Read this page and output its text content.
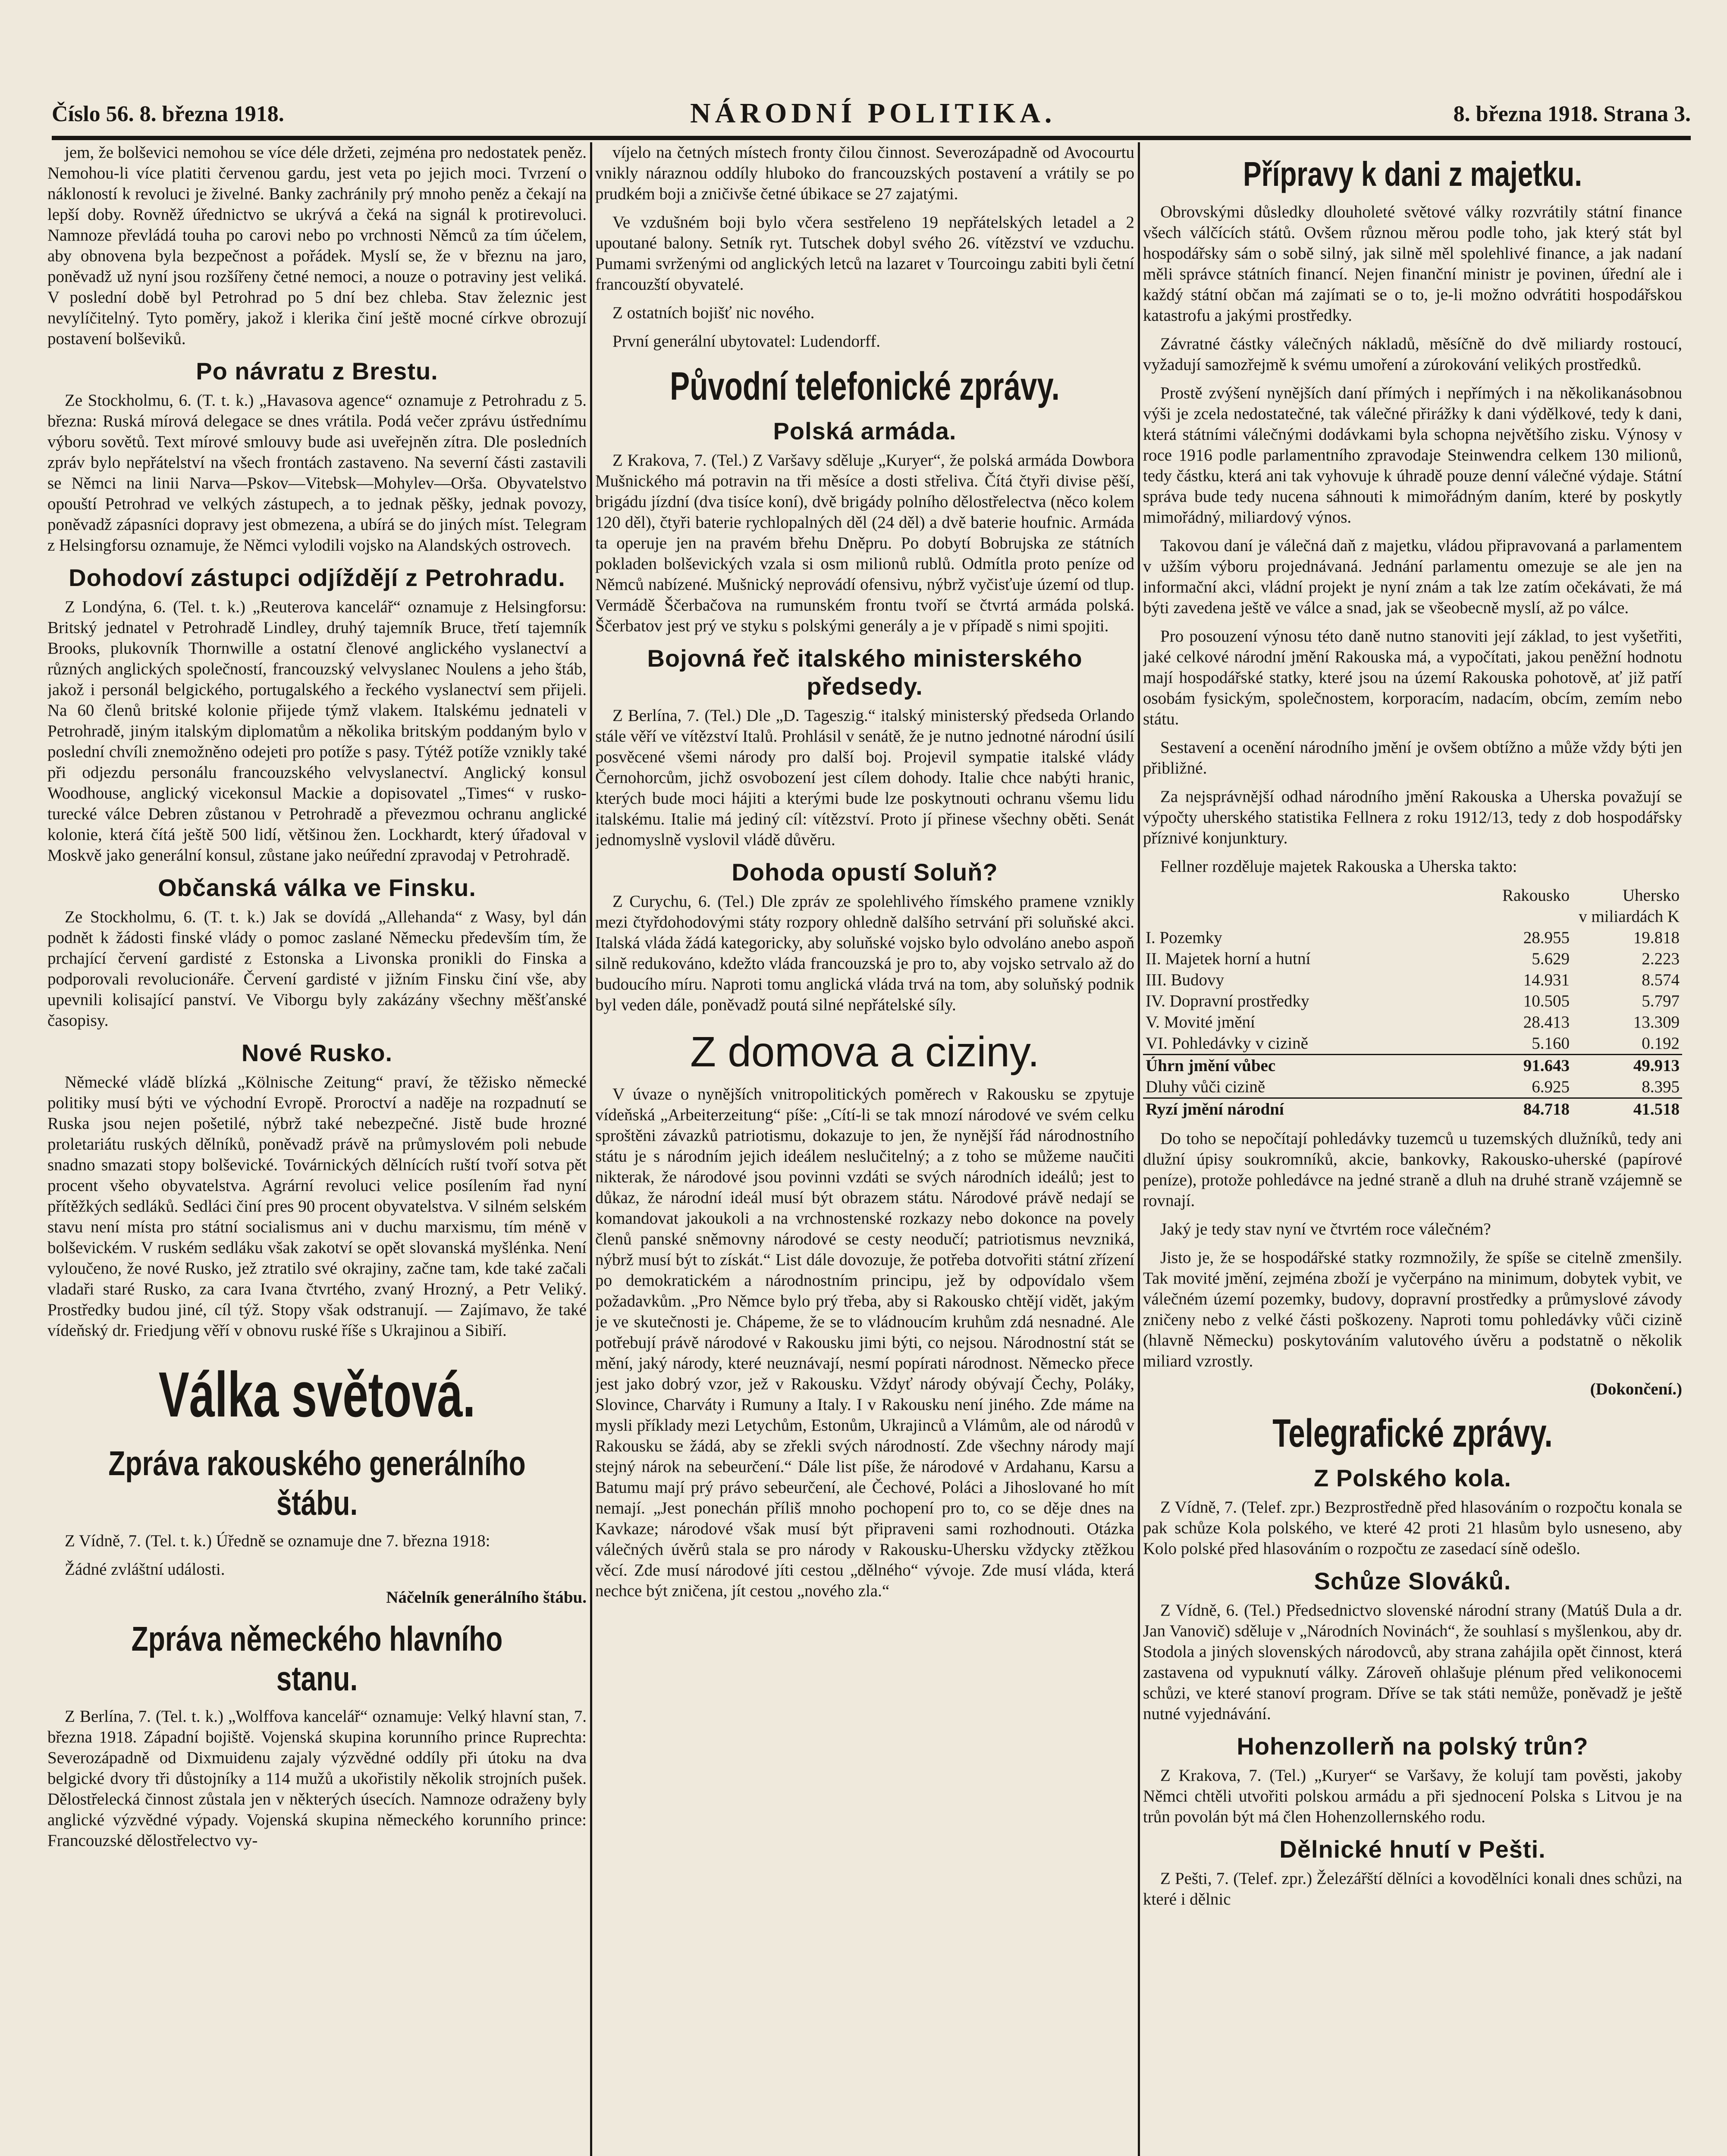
Číslo 56. 8. března 1918.	NÁRODNÍ POLITIKA.	8. března 1918. Strana 3.

jem, že bolševici nemohou se více déle držeti, zejména pro nedostatek peněz. Nemohou-li více platiti červenou gardu, jest veta po jejich moci. Tvrzení o nákloností k revoluci je živelné. Banky zachránily prý mnoho peněz a čekají na lepší doby. Rovněž úřednictvo se ukrývá a čeká na signál k protirevoluci. Namnoze převládá touha po carovi nebo po vrchnosti Němců za tím účelem, aby obnovena byla bezpečnost a pořádek. Myslí se, že v březnu na jaro, poněvadž už nyní jsou rozšířeny četné nemoci, a nouze o potraviny jest veliká. V poslední době byl Petrohrad po 5 dní bez chleba. Stav železnic jest nevylíčitelný. Tyto poměry, jakož i klerika činí ještě mocné církve obrozují postavení bolševiků.

Po návratu z Brestu.

Ze Stockholmu, 6. (T. t. k.) „Havasova agence“ oznamuje z Petrohradu z 5. března: Ruská mírová delegace se dnes vrátila. Podá večer zprávu ústřednímu výboru sovětů. Text mírové smlouvy bude asi uveřejněn zítra. Dle posledních zpráv bylo nepřátelství na všech frontách zastaveno. Na severní části zastavili se Němci na linii Narva—Pskov—Vitebsk—Mohylev—Orša. Obyvatelstvo opouští Petrohrad ve velkých zástupech, a to jednak pěšky, jednak povozy, poněvadž zápasníci dopravy jest obmezena, a ubírá se do jiných míst. Telegram z Helsingforsu oznamuje, že Němci vylodili vojsko na Alandských ostrovech.

Dohodoví zástupci odjíždějí z Petrohradu.

Z Londýna, 6. (Tel. t. k.) „Reuterova kancelář“ oznamuje z Helsingforsu: Britský jednatel v Petrohradě Lindley, druhý tajemník Bruce, třetí tajemník Brooks, plukovník Thornwille a ostatní členové anglického vyslanectví a různých anglických společností, francouzský velvyslanec Noulens a jeho štáb, jakož i personál belgického, portugalského a řeckého vyslanectví sem přijeli. Na 60 členů britské kolonie přijede týmž vlakem. Italskému jednateli v Petrohradě, jiným italským diplomatům a několika britským poddaným bylo v poslední chvíli znemožněno odejeti pro potíže s pasy. Týtéž potíže vznikly také při odjezdu personálu francouzského velvyslanectví. Anglický konsul Woodhouse, anglický vicekonsul Mackie a dopisovatel „Times“ v rusko-turecké válce Debren zůstanou v Petrohradě a převezmou ochranu anglické kolonie, která čítá ještě 500 lidí, většinou žen. Lockhardt, který úřadoval v Moskvě jako generální konsul, zůstane jako neúřední zpravodaj v Petrohradě.

Občanská válka ve Finsku.

Ze Stockholmu, 6. (T. t. k.) Jak se dovídá „Allehanda“ z Wasy, byl dán podnět k žádosti finské vlády o pomoc zaslané Německu především tím, že prchající červení gardisté z Estonska a Livonska pronikli do Finska a podporovali revolucionáře. Červení gardisté v jižním Finsku činí vše, aby upevnili kolisající panství. Ve Viborgu byly zakázány všechny měšťanské časopisy.

Nové Rusko.

Německé vládě blízká „Kölnische Zeitung“ praví, že těžisko německé politiky musí býti ve východní Evropě. Proroctví a naděje na rozpadnutí se Ruska jsou nejen pošetilé, nýbrž také nebezpečné. Jistě bude hrozné proletariátu ruských dělníků, poněvadž právě na průmyslovém poli nebude snadno smazati stopy bolševické. Továrnických dělnících ruští tvoří sotva pět procent všeho obyvatelstva. Agrární revoluci velice posílením řad nyní přítěžkých sedláků. Sedláci činí pres 90 procent obyvatelstva. V silném selském stavu není místa pro státní socialismus ani v duchu marxismu, tím méně v bolševickém. V ruském sedláku však zakotví se opět slovanská myšlénka. Není vyloučeno, že nové Rusko, jež ztratilo své okrajiny, začne tam, kde také začali vladaři staré Rusko, za cara Ivana čtvrtého, zvaný Hrozný, a Petr Veliký. Prostředky budou jiné, cíl týž. Stopy však odstranují. — Zajímavo, že také vídeňský dr. Friedjung věří v obnovu ruské říše s Ukrajinou a Sibiří.

Válka světová.
Zpráva rakouského generálního štábu.

Z Vídně, 7. (Tel. t. k.) Úředně se oznamuje dne 7. března 1918:

Žádné zvláštní události.

Náčelník generálního štábu.
Zpráva německého hlavního stanu.

Z Berlína, 7. (Tel. t. k.) „Wolffova kancelář“ oznamuje: Velký hlavní stan, 7. března 1918. Západní bojiště. Vojenská skupina korunního prince Ruprechta: Severozápadně od Dixmuidenu zajaly výzvědné oddíly při útoku na dva belgické dvory tři důstojníky a 114 mužů a ukořistily několik strojních pušek. Dělostřelecká činnost zůstala jen v některých úsecích. Namnoze odraženy byly anglické výzvědné výpady. Vojenská skupina německého korunního prince: Francouzské dělostřelectvo vy-

víjelo na četných místech fronty čilou činnost. Severozápadně od Avocourtu vnikly náraznou oddíly hluboko do francouzských postavení a vrátily se po prudkém boji a zničivše četné úbikace se 27 zajatými.

Ve vzdušném boji bylo včera sestřeleno 19 nepřátelských letadel a 2 upoutané balony. Setník ryt. Tutschek dobyl svého 26. vítězství ve vzduchu. Pumami svrženými od anglických letců na lazaret v Tourcoingu zabiti byli četní francouzští obyvatelé.

Z ostatních bojišť nic nového.

První generální ubytovatel: Ludendorff.

Původní telefonické zprávy.
Polská armáda.

Z Krakova, 7. (Tel.) Z Varšavy sděluje „Kuryer“, že polská armáda Dowbora Mušnického má potravin na tři měsíce a dosti střeliva. Čítá čtyři divise pěší, brigádu jízdní (dva tisíce koní), dvě brigády polního dělostřelectva (něco kolem 120 děl), čtyři baterie rychlopalných děl (24 děl) a dvě baterie houfnic. Armáda ta operuje jen na pravém břehu Dněpru. Po dobytí Bobrujska ze státních pokladen bolševických vzala si osm milionů rublů. Odmítla proto peníze od Němců nabízené. Mušnický neprovádí ofensivu, nýbrž vyčisťuje území od tlup. Vermádě Ščerbačova na rumunském frontu tvoří se čtvrtá armáda polská. Ščerbatov jest prý ve styku s polskými generály a je v případě s nimi spojiti.

Bojovná řeč italského ministerského předsedy.

Z Berlína, 7. (Tel.) Dle „D. Tageszig.“ italský ministerský předseda Orlando stále věří ve vítězství Italů. Prohlásil v senátě, že je nutno jednotné národní úsilí posvěcené všemi národy pro další boj. Projevil sympatie italské vlády Černohorcům, jichž osvobození jest cílem dohody. Italie chce nabýti hranic, kterých bude moci hájiti a kterými bude lze poskytnouti ochranu všemu lidu italskému. Italie má jediný cíl: vítězství. Proto jí přinese všechny oběti. Senát jednomyslně vyslovil vládě důvěru.

Dohoda opustí Soluň?

Z Curychu, 6. (Tel.) Dle zpráv ze spolehlivého římského pramene vznikly mezi čtyřdohodovými státy rozpory ohledně dalšího setrvání při soluňské akci. Italská vláda žádá kategoricky, aby soluňské vojsko bylo odvoláno anebo aspoň silně redukováno, kdežto vláda francouzská je pro to, aby vojsko setrvalo až do budoucího míru. Naproti tomu anglická vláda trvá na tom, aby soluňský podnik byl veden dále, poněvadž poutá silné nepřátelské síly.

Z domova a ciziny.

V úvaze o nynějších vnitropolitických poměrech v Rakousku se zpytuje vídeňská „Arbeiterzeitung“ píše: „Cítí-li se tak mnozí národové ve svém celku sproštěni závazků patriotismu, dokazuje to jen, že nynější řád národnostního státu je s národním jejich ideálem neslučitelný; a z toho se můžeme naučiti nikterak, že národové jsou povinni vzdáti se svých národních ideálů; jest to důkaz, že národní ideál musí být obrazem státu. Národové právě nedají se komandovat jakoukoli a na vrchnostenské rozkazy nebo dokonce na povely členů panské sněmovny národové se cesty neodučí; patriotismus nevzniká, nýbrž musí být to získát.“ List dále dovozuje, že potřeba dotvořiti státní zřízení po demokratickém a národnostním principu, jež by odpovídalo všem požadavkům. „Pro Němce bylo prý třeba, aby si Rakousko chtějí vidět, jakým je ve skutečnosti je. Chápeme, že se to vládnoucím kruhům zdá nesnadné. Ale potřebují právě národové v Rakousku jimi býti, co nejsou. Národnostní stát se mění, jaký národy, které neuznávají, nesmí popírati národnost. Německo přece jest jako dobrý vzor, jež v Rakousku. Vždyť národy obývají Čechy, Poláky, Slovince, Charváty i Rumuny a Italy. I v Rakousku není jiného. Zde máme na mysli příklady mezi Letychům, Estonům, Ukrajinců a Vlámům, ale od národů v Rakousku se žádá, aby se zřekli svých národností. Zde všechny národy mají stejný nárok na sebeurčení.“ Dále list píše, že národové v Ardahanu, Karsu a Batumu mají prý právo sebeurčení, ale Čechové, Poláci a Jihoslované ho mít nemají. „Jest ponechán příliš mnoho pochopení pro to, co se děje dnes na Kavkaze; národové však musí být připraveni sami rozhodnouti. Otázka válečných úvěrů stala se pro národy v Rakousku-Uhersku vždycky ztěžkou věcí. Zde musí národové jíti cestou „dělného“ vývoje. Zde musí vláda, která nechce být zničena, jít cestou „nového zla.“

Přípravy k dani z majetku.

Obrovskými důsledky dlouholeté světové války rozvrátily státní finance všech válčících států. Ovšem různou měrou podle toho, jak který stát byl hospodářsky sám o sobě silný, jak silně měl spolehlivé finance, a jak nadaní měli správce státních financí. Nejen finanční ministr je povinen, úřední ale i každý státní občan má zajímati se o to, je-li možno odvrátiti hospodářskou katastrofu a jakými prostředky.

Závratné částky válečných nákladů, měsíčně do dvě miliardy rostoucí, vyžadují samozřejmě k svému umoření a zúrokování velikých prostředků.

Prostě zvýšení nynějších daní přímých i nepřímých i na několikanásobnou výši je zcela nedostatečné, tak válečné přirážky k dani výdělkové, tedy k dani, která státními válečnými dodávkami byla schopna největšího zisku. Výnosy v roce 1916 podle parlamentního zpravodaje Steinwendra celkem 130 milionů, tedy částku, která ani tak vyhovuje k úhradě pouze denní válečné výdaje. Státní správa bude tedy nucena sáhnouti k mimořádným daním, které by poskytly mimořádný, miliardový výnos.

Takovou daní je válečná daň z majetku, vládou připravovaná a parlamentem v užším výboru projednávaná. Jednání parlamentu omezuje se ale jen na informační akci, vládní projekt je nyní znám a tak lze zatím očekávati, že má býti zavedena ještě ve válce a snad, jak se všeobecně myslí, až po válce.

Pro posouzení výnosu této daně nutno stanoviti její základ, to jest vyšetřiti, jaké celkové národní jmění Rakouska má, a vypočítati, jakou peněžní hodnotu mají hospodářské statky, které jsou na území Rakouska pohotově, ať již patří osobám fysickým, společnostem, korporacím, nadacím, obcím, zemím nebo státu.

Sestavení a ocenění národního jmění je ovšem obtížno a může vždy býti jen přibližné.

Za nejsprávnější odhad národního jmění Rakouska a Uherska považují se výpočty uherského statistika Fellnera z roku 1912/13, tedy z dob hospodářsky příznivé konjunktury.

Fellner rozděluje majetek Rakouska a Uherska takto:

	Rakousko	Uhersko
	v miliardách K	
I. Pozemky	28.955	19.818
II. Majetek horní a hutní	5.629	2.223
III. Budovy	14.931	8.574
IV. Dopravní prostředky	10.505	5.797
V. Movité jmění	28.413	13.309
VI. Pohledávky v cizině	5.160	0.192
Úhrn jmění vůbec	91.643	49.913
Dluhy vůči cizině	6.925	8.395
Ryzí jmění národní	84.718	41.518

Do toho se nepočítají pohledávky tuzemců u tuzemských dlužníků, tedy ani dlužní úpisy soukromníků, akcie, bankovky, Rakousko-uherské (papírové peníze), protože pohledávce na jedné straně a dluh na druhé straně vzájemně se rovnají.

Jaký je tedy stav nyní ve čtvrtém roce válečném?

Jisto je, že se hospodářské statky rozmnožily, že spíše se citelně zmenšily. Tak movité jmění, zejména zboží je vyčerpáno na minimum, dobytek vybit, ve válečném území pozemky, budovy, dopravní prostředky a průmyslové závody zničeny nebo z velké části poškozeny. Naproti tomu pohledávky vůči cizině (hlavně Německu) poskytováním valutového úvěru a podstatně o několik miliard vzrostly.

(Dokončení.)
Telegrafické zprávy.
Z Polského kola.

Z Vídně, 7. (Telef. zpr.) Bezprostředně před hlasováním o rozpočtu konala se pak schůze Kola polského, ve které 42 proti 21 hlasům bylo usneseno, aby Kolo polské před hlasováním o rozpočtu ze zasedací síně odešlo.

Schůze Slováků.

Z Vídně, 6. (Tel.) Předsednictvo slovenské národní strany (Matúš Dula a dr. Jan Vanovič) sděluje v „Národních Novinách“, že souhlasí s myšlenkou, aby dr. Stodola a jiných slovenských národovců, aby strana zahájila opět činnost, která zastavena od vypuknutí války. Zároveň ohlašuje plénum před velikonocemi schůzi, ve které stanoví program. Dříve se tak státi nemůže, poněvadž je ještě nutné vyjednávání.

Hohenzollerň na polský trůn?

Z Krakova, 7. (Tel.) „Kuryer“ se Varšavy, že kolují tam pověsti, jakoby Němci chtěli utvořiti polskou armádu a při sjednocení Polska s Litvou je na trůn povolán být má člen Hohenzollernského rodu.

Dělnické hnutí v Pešti.

Z Pešti, 7. (Telef. zpr.) Železářští dělníci a kovodělníci konali dnes schůzi, na které i dělnic
